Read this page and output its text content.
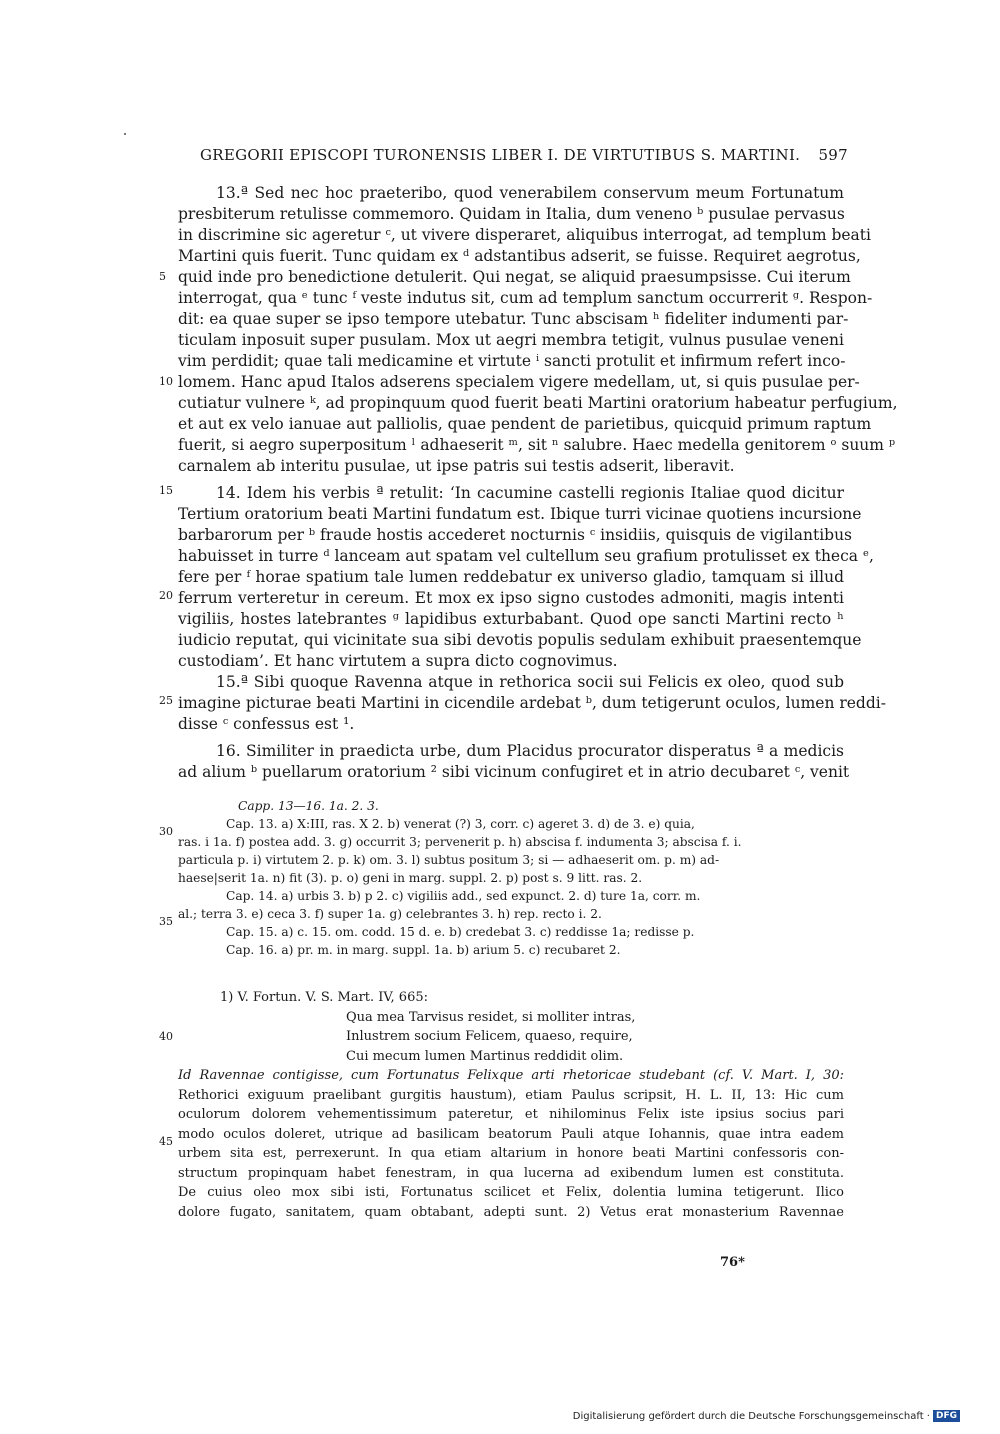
GREGORII EPISCOPI TURONENSIS LIBER I. DE VIRTUTIBUS S. MARTINI. 597
13.ª Sed nec hoc praeteribo, quod venerabilem conservum meum Fortunatum
presbiterum retulisse commemoro. Quidam in Italia, dum veneno ᵇ pusulae pervasus
in discrimine sic ageretur ᶜ, ut vivere disperaret, aliquibus interrogat, ad templum beati
Martini quis fuerit. Tunc quidam ex ᵈ adstantibus adserit, se fuisse. Requiret aegrotus,
quid inde pro benedictione detulerit. Qui negat, se aliquid praesumpsisse. Cui iterum
interrogat, qua ᵉ tunc ᶠ veste indutus sit, cum ad templum sanctum occurrerit ᵍ. Respon-
dit: ea quae super se ipso tempore utebatur. Tunc abscisam ʰ fideliter indumenti par-
ticulam inposuit super pusulam. Mox ut aegri membra tetigit, vulnus pusulae veneni
vim perdidit; quae tali medicamine et virtute ⁱ sancti protulit et infirmum refert inco-
lomem. Hanc apud Italos adserens specialem vigere medellam, ut, si quis pusulae per-
cutiatur vulnere ᵏ, ad propinquum quod fuerit beati Martini oratorium habeatur perfugium,
et aut ex velo ianuae aut palliolis, quae pendent de parietibus, quicquid primum raptum
fuerit, si aegro superpositum ˡ adhaeserit ᵐ, sit ⁿ salubre. Haec medella genitorem ᵒ suum ᵖ
carnalem ab interitu pusulae, ut ipse patris sui testis adserit, liberavit.
14. Idem his verbis ª retulit: ‘In cacumine castelli regionis Italiae quod dicitur
Tertium oratorium beati Martini fundatum est. Ibique turri vicinae quotiens incursione
barbarorum per ᵇ fraude hostis accederet nocturnis ᶜ insidiis, quisquis de vigilantibus
habuisset in turre ᵈ lanceam aut spatam vel cultellum seu grafium protulisset ex theca ᵉ,
fere per ᶠ horae spatium tale lumen reddebatur ex universo gladio, tamquam si illud
ferrum verteretur in cereum. Et mox ex ipso signo custodes admoniti, magis intenti
vigiliis, hostes latebrantes ᵍ lapidibus exturbabant. Quod ope sancti Martini recto ʰ
iudicio reputat, qui vicinitate sua sibi devotis populis sedulam exhibuit praesentemque
custodiam’. Et hanc virtutem a supra dicto cognovimus.
15.ª Sibi quoque Ravenna atque in rethorica socii sui Felicis ex oleo, quod sub
imagine picturae beati Martini in cicendile ardebat ᵇ, dum tetigerunt oculos, lumen reddi-
disse ᶜ confessus est ¹.
16. Similiter in praedicta urbe, dum Placidus procurator disperatus ª a medicis
ad alium ᵇ puellarum oratorium ² sibi vicinum confugiret et in atrio decubaret ᶜ, venit
5
10
15
20
25
30
35
40
45
Capp. 13—16. 1a. 2. 3.
Cap. 13. a) X:III, ras. X 2. b) venerat (?) 3, corr. c) ageret 3. d) de 3. e) quia,
ras. i 1a. f) postea add. 3. g) occurrit 3; pervenerit p. h) abscisa f. indumenta 3; abscisa f. i.
particula p. i) virtutem 2. p. k) om. 3. l) subtus positum 3; si — adhaeserit om. p. m) ad-
haese|serit 1a. n) fit (3). p. o) geni in marg. suppl. 2. p) post s. 9 litt. ras. 2.
Cap. 14. a) urbis 3. b) p 2. c) vigiliis add., sed expunct. 2. d) ture 1a, corr. m.
al.; terra 3. e) ceca 3. f) super 1a. g) celebrantes 3. h) rep. recto i. 2.
Cap. 15. a) c. 15. om. codd. 15 d. e. b) credebat 3. c) reddisse 1a; redisse p.
Cap. 16. a) pr. m. in marg. suppl. 1a. b) arium 5. c) recubaret 2.
1) V. Fortun. V. S. Mart. IV, 665:
Qua mea Tarvisus residet, si molliter intras,
Inlustrem socium Felicem, quaeso, require,
Cui mecum lumen Martinus reddidit olim.
Id Ravennae contigisse, cum Fortunatus Felixque arti rhetoricae studebant (cf. V. Mart. I, 30:
Rethorici exiguum praelibant gurgitis haustum), etiam Paulus scripsit, H. L. II, 13: Hic cum
oculorum dolorem vehementissimum pateretur, et nihilominus Felix iste ipsius socius pari
modo oculos doleret, utrique ad basilicam beatorum Pauli atque Iohannis, quae intra eadem
urbem sita est, perrexerunt. In qua etiam altarium in honore beati Martini confessoris con-
structum propinquam habet fenestram, in qua lucerna ad exibendum lumen est constituta.
De cuius oleo mox sibi isti, Fortunatus scilicet et Felix, dolentia lumina tetigerunt. Ilico
dolore fugato, sanitatem, quam obtabant, adepti sunt. 2) Vetus erat monasterium Ravennae
76*
Digitalisierung gefördert durch die Deutsche Forschungsgemeinschaft · DFG
